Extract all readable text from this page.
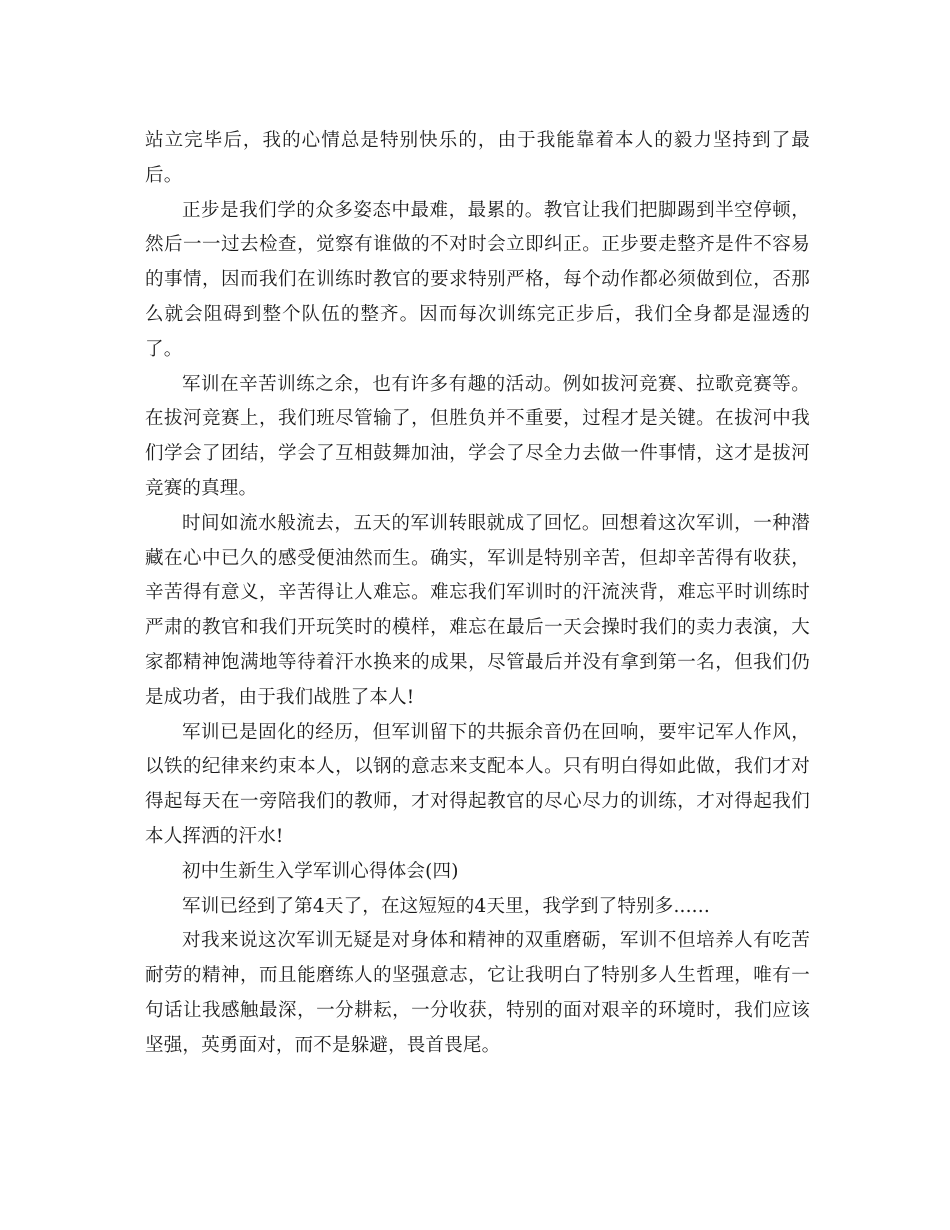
站立完毕后，我的心情总是特别快乐的，由于我能靠着本人的毅力坚持到了最后。

正步是我们学的众多姿态中最难，最累的。教官让我们把脚踢到半空停顿，然后一一过去检查，觉察有谁做的不对时会立即纠正。正步要走整齐是件不容易的事情，因而我们在训练时教官的要求特别严格，每个动作都必须做到位，否那么就会阻碍到整个队伍的整齐。因而每次训练完正步后，我们全身都是湿透的了。

军训在辛苦训练之余，也有许多有趣的活动。例如拔河竞赛、拉歌竞赛等。在拔河竞赛上，我们班尽管输了，但胜负并不重要，过程才是关键。在拔河中我们学会了团结，学会了互相鼓舞加油，学会了尽全力去做一件事情，这才是拔河竞赛的真理。

时间如流水般流去，五天的军训转眼就成了回忆。回想着这次军训，一种潜藏在心中已久的感受便油然而生。确实，军训是特别辛苦，但却辛苦得有收获，辛苦得有意义，辛苦得让人难忘。难忘我们军训时的汗流浃背，难忘平时训练时严肃的教官和我们开玩笑时的模样，难忘在最后一天会操时我们的卖力表演，大家都精神饱满地等待着汗水换来的成果，尽管最后并没有拿到第一名，但我们仍是成功者，由于我们战胜了本人!

军训已是固化的经历，但军训留下的共振余音仍在回响，要牢记军人作风，以铁的纪律来约束本人，以钢的意志来支配本人。只有明白得如此做，我们才对得起每天在一旁陪我们的教师，才对得起教官的尽心尽力的训练，才对得起我们本人挥洒的汗水!

初中生新生入学军训心得体会(四)

军训已经到了第4天了，在这短短的4天里，我学到了特别多......

对我来说这次军训无疑是对身体和精神的双重磨砺，军训不但培养人有吃苦耐劳的精神，而且能磨练人的坚强意志，它让我明白了特别多人生哲理，唯有一句话让我感触最深，一分耕耘，一分收获，特别的面对艰辛的环境时，我们应该坚强，英勇面对，而不是躲避，畏首畏尾。
